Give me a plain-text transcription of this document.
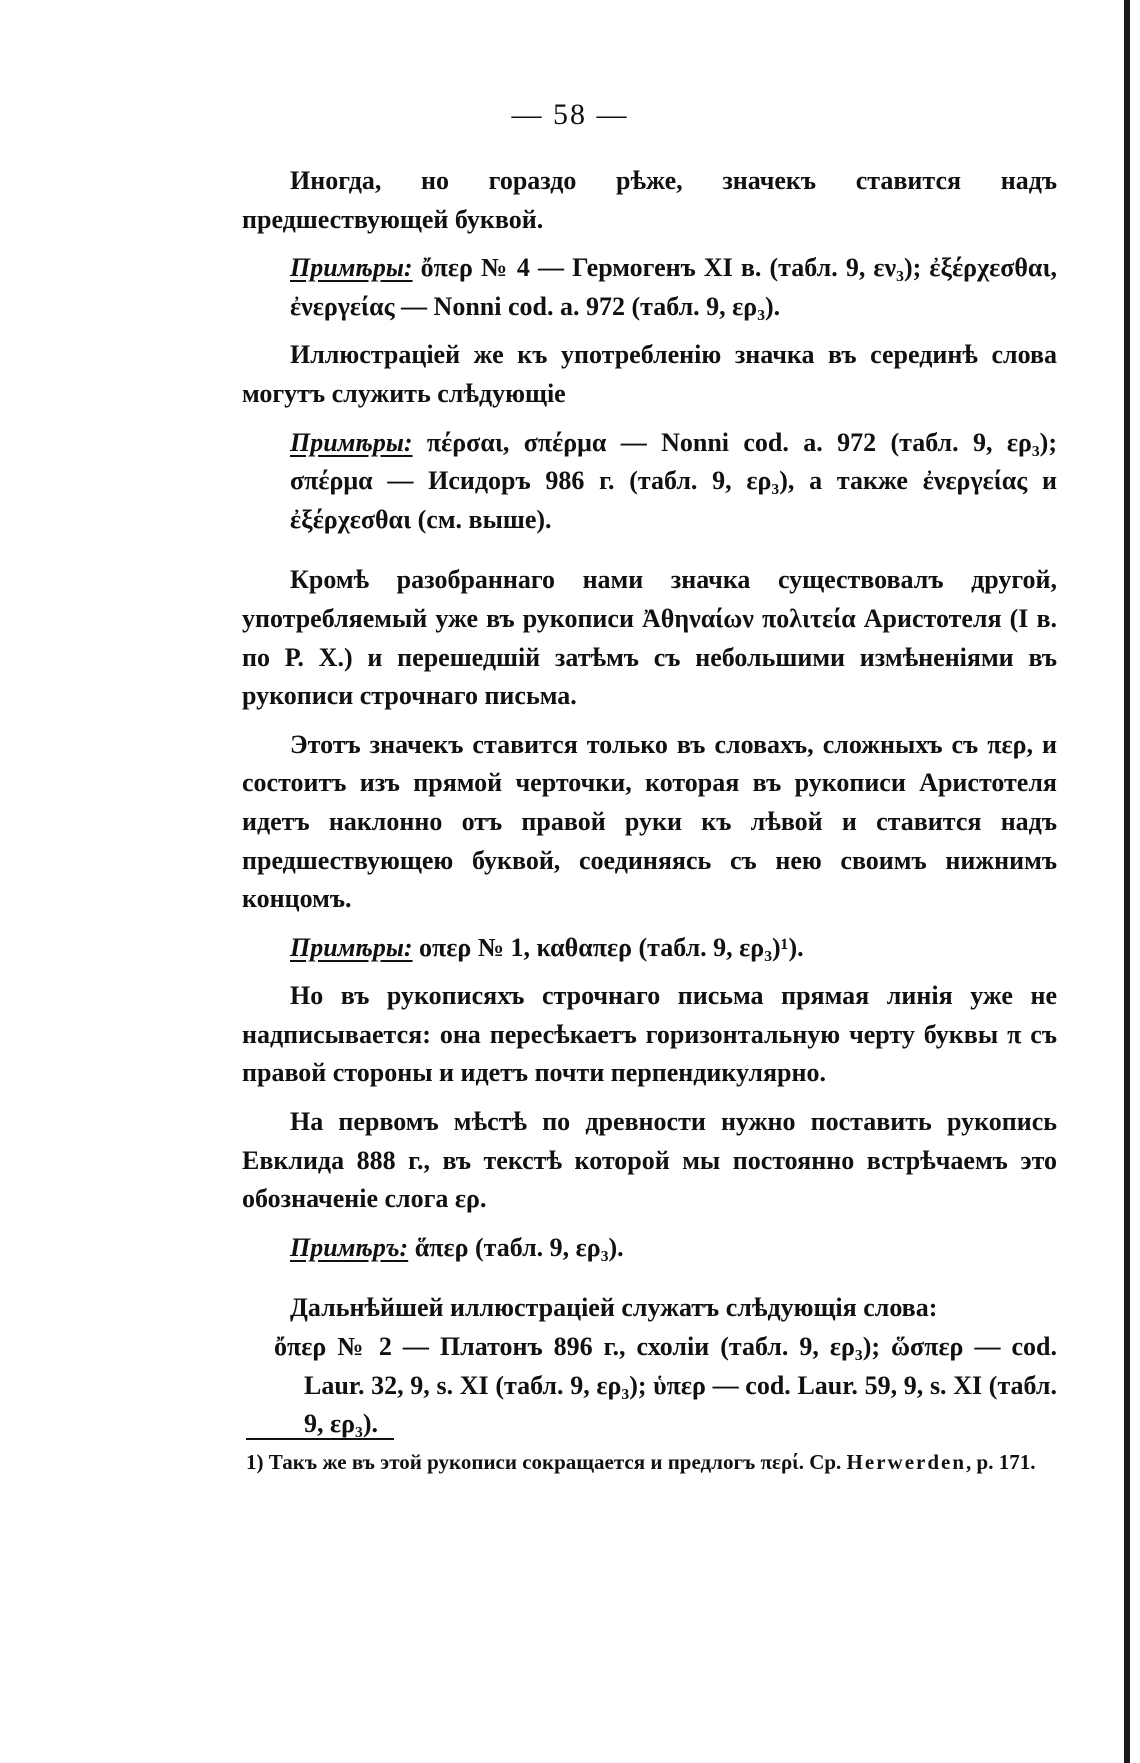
— 58 —

Иногда, но гораздо рѣже, значекъ ставится надъ предшествующей буквой.

Примѣры: ὄπερ № 4 — Гермогенъ XI в. (табл. 9, εν₃); ἐξέρχεσθαι, ἐνεργείας — Nonni cod. a. 972 (табл. 9, ερ₃).

Иллюстраціей же къ употребленію значка въ серединѣ слова могутъ служить слѣдующіе

Примѣры: πέρσαι, σπέρμα — Nonni cod. a. 972 (табл. 9, ερ₃); σπέρμα — Исидоръ 986 г. (табл. 9, ερ₃), а также ἐνεργείας и ἐξέρχεσθαι (см. выше).

Кромѣ разобраннаго нами значка существовалъ другой, употребляемый уже въ рукописи Ἀθηναίων πολιτεία Аристотеля (I в. по Р. X.) и перешедшій затѣмъ съ небольшими измѣненіями въ рукописи строчнаго письма.

Этотъ значекъ ставится только въ словахъ, сложныхъ съ περ, и состоитъ изъ прямой черточки, которая въ рукописи Аристотеля идетъ наклонно отъ правой руки къ лѣвой и ставится надъ предшествующею буквой, соединяясь съ нею своимъ нижнимъ концомъ.

Примѣры: οπερ № 1, καθαπερ (табл. 9, ερ₃)¹).

Но въ рукописяхъ строчнаго письма прямая линія уже не надписывается: она пересѣкаетъ горизонтальную черту буквы π съ правой стороны и идетъ почти перпендикулярно.

На первомъ мѣстѣ по древности нужно поставить рукопись Евклида 888 г., въ текстѣ которой мы постоянно встрѣчаемъ это обозначеніе слога ερ.

Примѣръ: ἅπερ (табл. 9, ερ₃).

Дальнѣйшей иллюстраціей служатъ слѣдующія слова:

ὄπερ № 2 — Платонъ 896 г., схоліи (табл. 9, ερ₃); ὥσπερ — cod. Laur. 32, 9, s. XI (табл. 9, ερ₃); ὑπερ — cod. Laur. 59, 9, s. XI (табл. 9, ερ₃).

1) Такъ же въ этой рукописи сокращается и предлогъ περί. Ср. Herwerden, p. 171.
